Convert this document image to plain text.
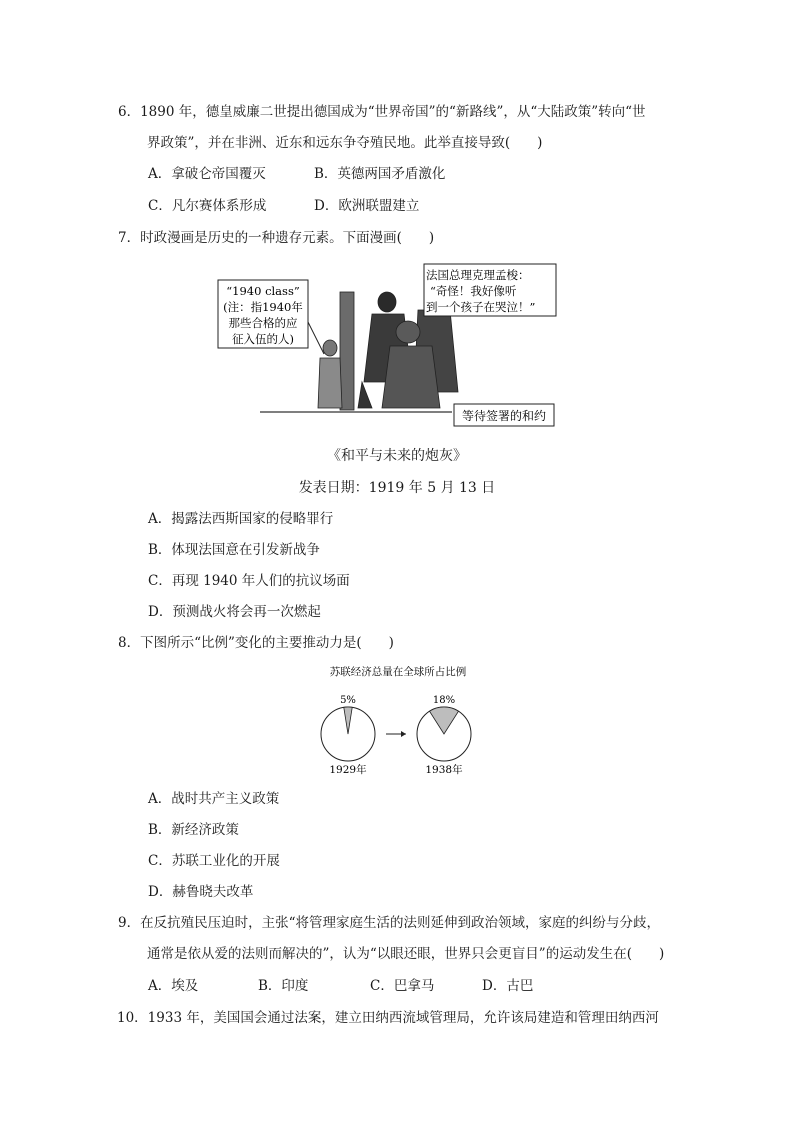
6．1890 年，德皇威廉二世提出德国成为“世界帝国”的“新路线”，从“大陆政策”转向“世
界政策”，并在非洲、近东和远东争夺殖民地。此举直接导致(　　)
A．拿破仑帝国覆灭	B．英德两国矛盾激化
C．凡尔赛体系形成	D．欧洲联盟建立
7．时政漫画是历史的一种遗存元素。下面漫画(　　)
“1940 class”
(注：指1940年
那些合格的应
征入伍的人)
法国总理克理孟梭：
“奇怪！我好像听
到一个孩子在哭泣！”
等待签署的和约
《和平与未来的炮灰》
发表日期：1919 年 5 月 13 日
A．揭露法西斯国家的侵略罪行
B．体现法国意在引发新战争
C．再现 1940 年人们的抗议场面
D．预测战火将会再一次燃起
8．下图所示“比例”变化的主要推动力是(　　)
苏联经济总量在全球所占比例
5%
1929年
18%
1938年
A．战时共产主义政策
B．新经济政策
C．苏联工业化的开展
D．赫鲁晓夫改革
9．在反抗殖民压迫时，主张“将管理家庭生活的法则延伸到政治领域，家庭的纠纷与分歧，
通常是依从爱的法则而解决的”，认为“以眼还眼，世界只会更盲目”的运动发生在(　　)
A．埃及	B．印度	C．巴拿马	D．古巴
10．1933 年，美国国会通过法案，建立田纳西流域管理局，允许该局建造和管理田纳西河
